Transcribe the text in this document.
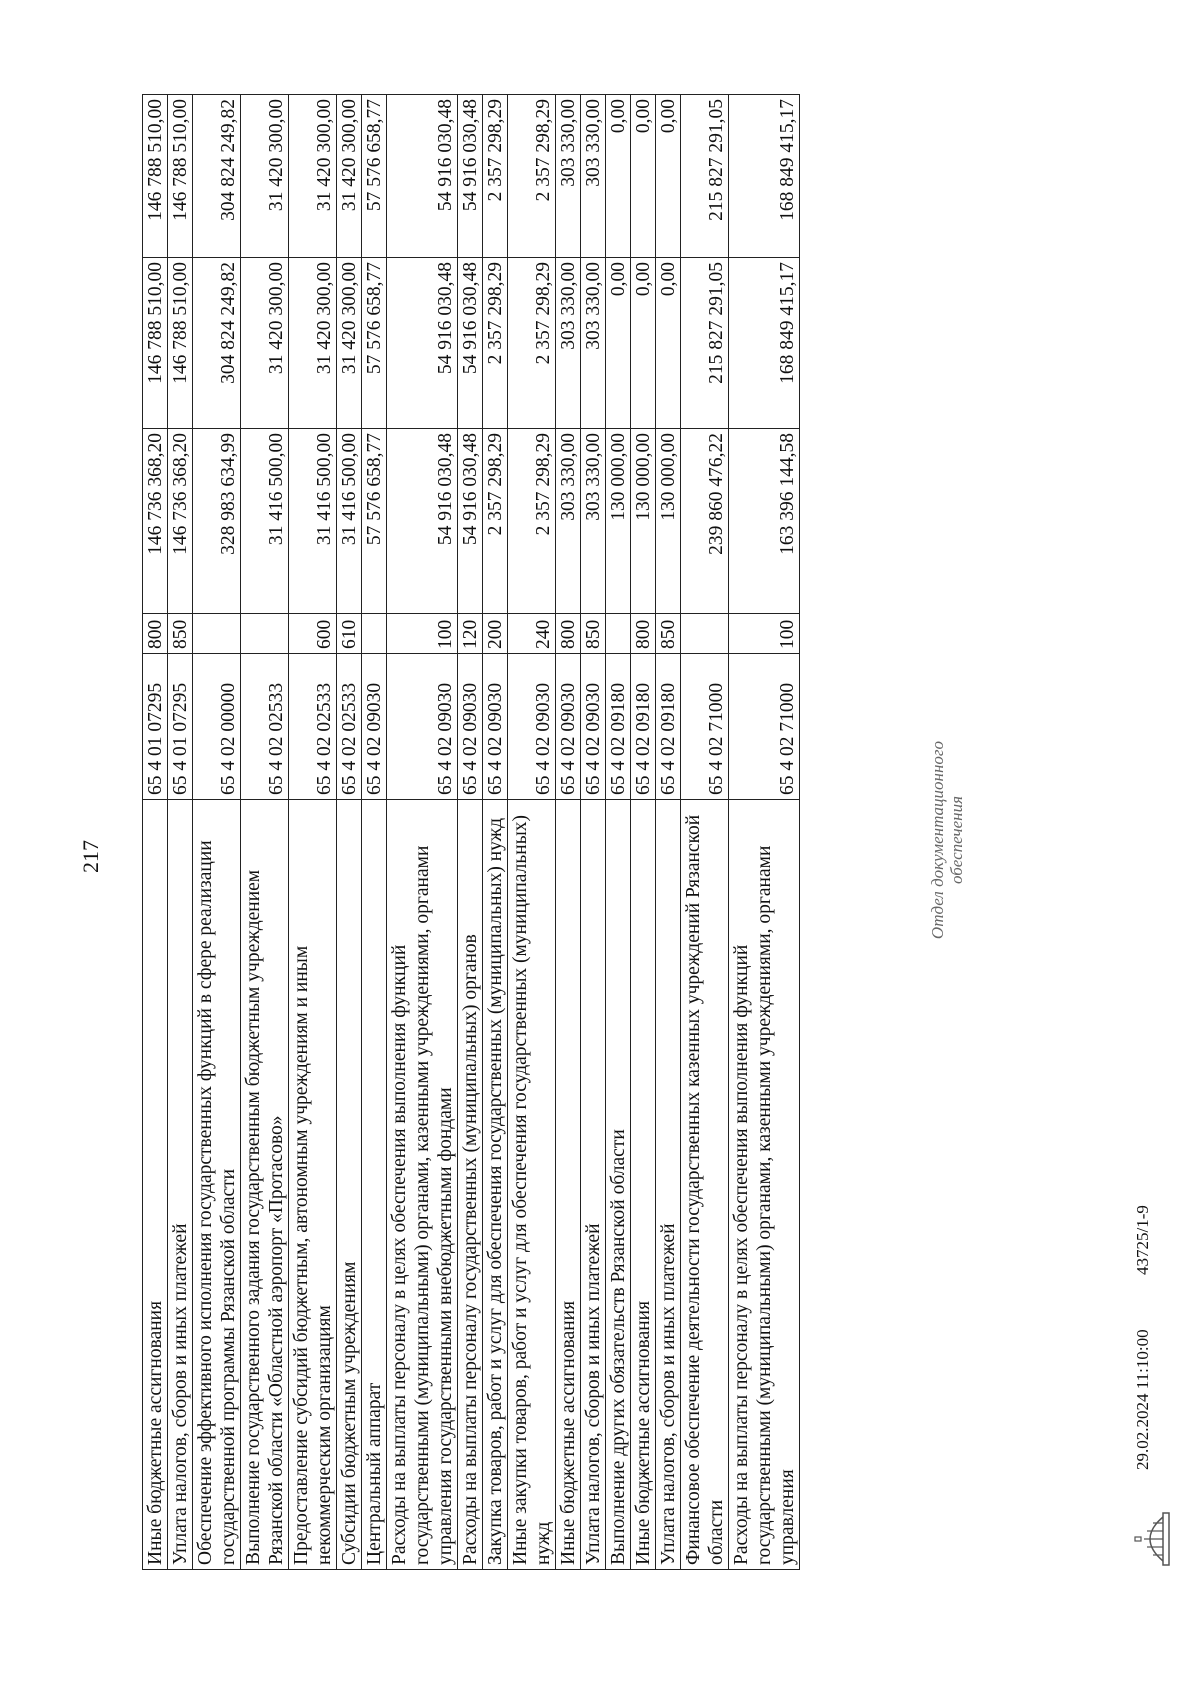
217
Иные бюджетные ассигнования	65 4 01 07295	800	146 736 368,20	146 788 510,00	146 788 510,00
Уплата налогов, сборов и иных платежей	65 4 01 07295	850	146 736 368,20	146 788 510,00	146 788 510,00
Обеспечение эффективного исполнения государственных функций в сфере реализации государственной программы Рязанской области	65 4 02 00000		328 983 634,99	304 824 249,82	304 824 249,82
Выполнение государственного задания государственным бюджетным учреждением Рязанской области «Областной аэропорт «Протасово»	65 4 02 02533		31 416 500,00	31 420 300,00	31 420 300,00
Предоставление субсидий бюджетным, автономным учреждениям и иным некоммерческим организациям	65 4 02 02533	600	31 416 500,00	31 420 300,00	31 420 300,00
Субсидии бюджетным учреждениям	65 4 02 02533	610	31 416 500,00	31 420 300,00	31 420 300,00
Центральный аппарат	65 4 02 09030		57 576 658,77	57 576 658,77	57 576 658,77
Расходы на выплаты персоналу в целях обеспечения выполнения функций государственными (муниципальными) органами, казенными учреждениями, органами управления государственными внебюджетными фондами	65 4 02 09030	100	54 916 030,48	54 916 030,48	54 916 030,48
Расходы на выплаты персоналу государственных (муниципальных) органов	65 4 02 09030	120	54 916 030,48	54 916 030,48	54 916 030,48
Закупка товаров, работ и услуг для обеспечения государственных (муниципальных) нужд	65 4 02 09030	200	2 357 298,29	2 357 298,29	2 357 298,29
Иные закупки товаров, работ и услуг для обеспечения государственных (муниципальных) нужд	65 4 02 09030	240	2 357 298,29	2 357 298,29	2 357 298,29
Иные бюджетные ассигнования	65 4 02 09030	800	303 330,00	303 330,00	303 330,00
Уплата налогов, сборов и иных платежей	65 4 02 09030	850	303 330,00	303 330,00	303 330,00
Выполнение других обязательств Рязанской области	65 4 02 09180		130 000,00	0,00	0,00
Иные бюджетные ассигнования	65 4 02 09180	800	130 000,00	0,00	0,00
Уплата налогов, сборов и иных платежей	65 4 02 09180	850	130 000,00	0,00	0,00
Финансовое обеспечение деятельности государственных казенных учреждений Рязанской области	65 4 02 71000		239 860 476,22	215 827 291,05	215 827 291,05
Расходы на выплаты персоналу в целях обеспечения выполнения функций государственными (муниципальными) органами, казенными учреждениями, органами управления	65 4 02 71000	100	163 396 144,58	168 849 415,17	168 849 415,17
29.02.2024 11:10:00
43725/1-9
Отдел документационного обеспечения
